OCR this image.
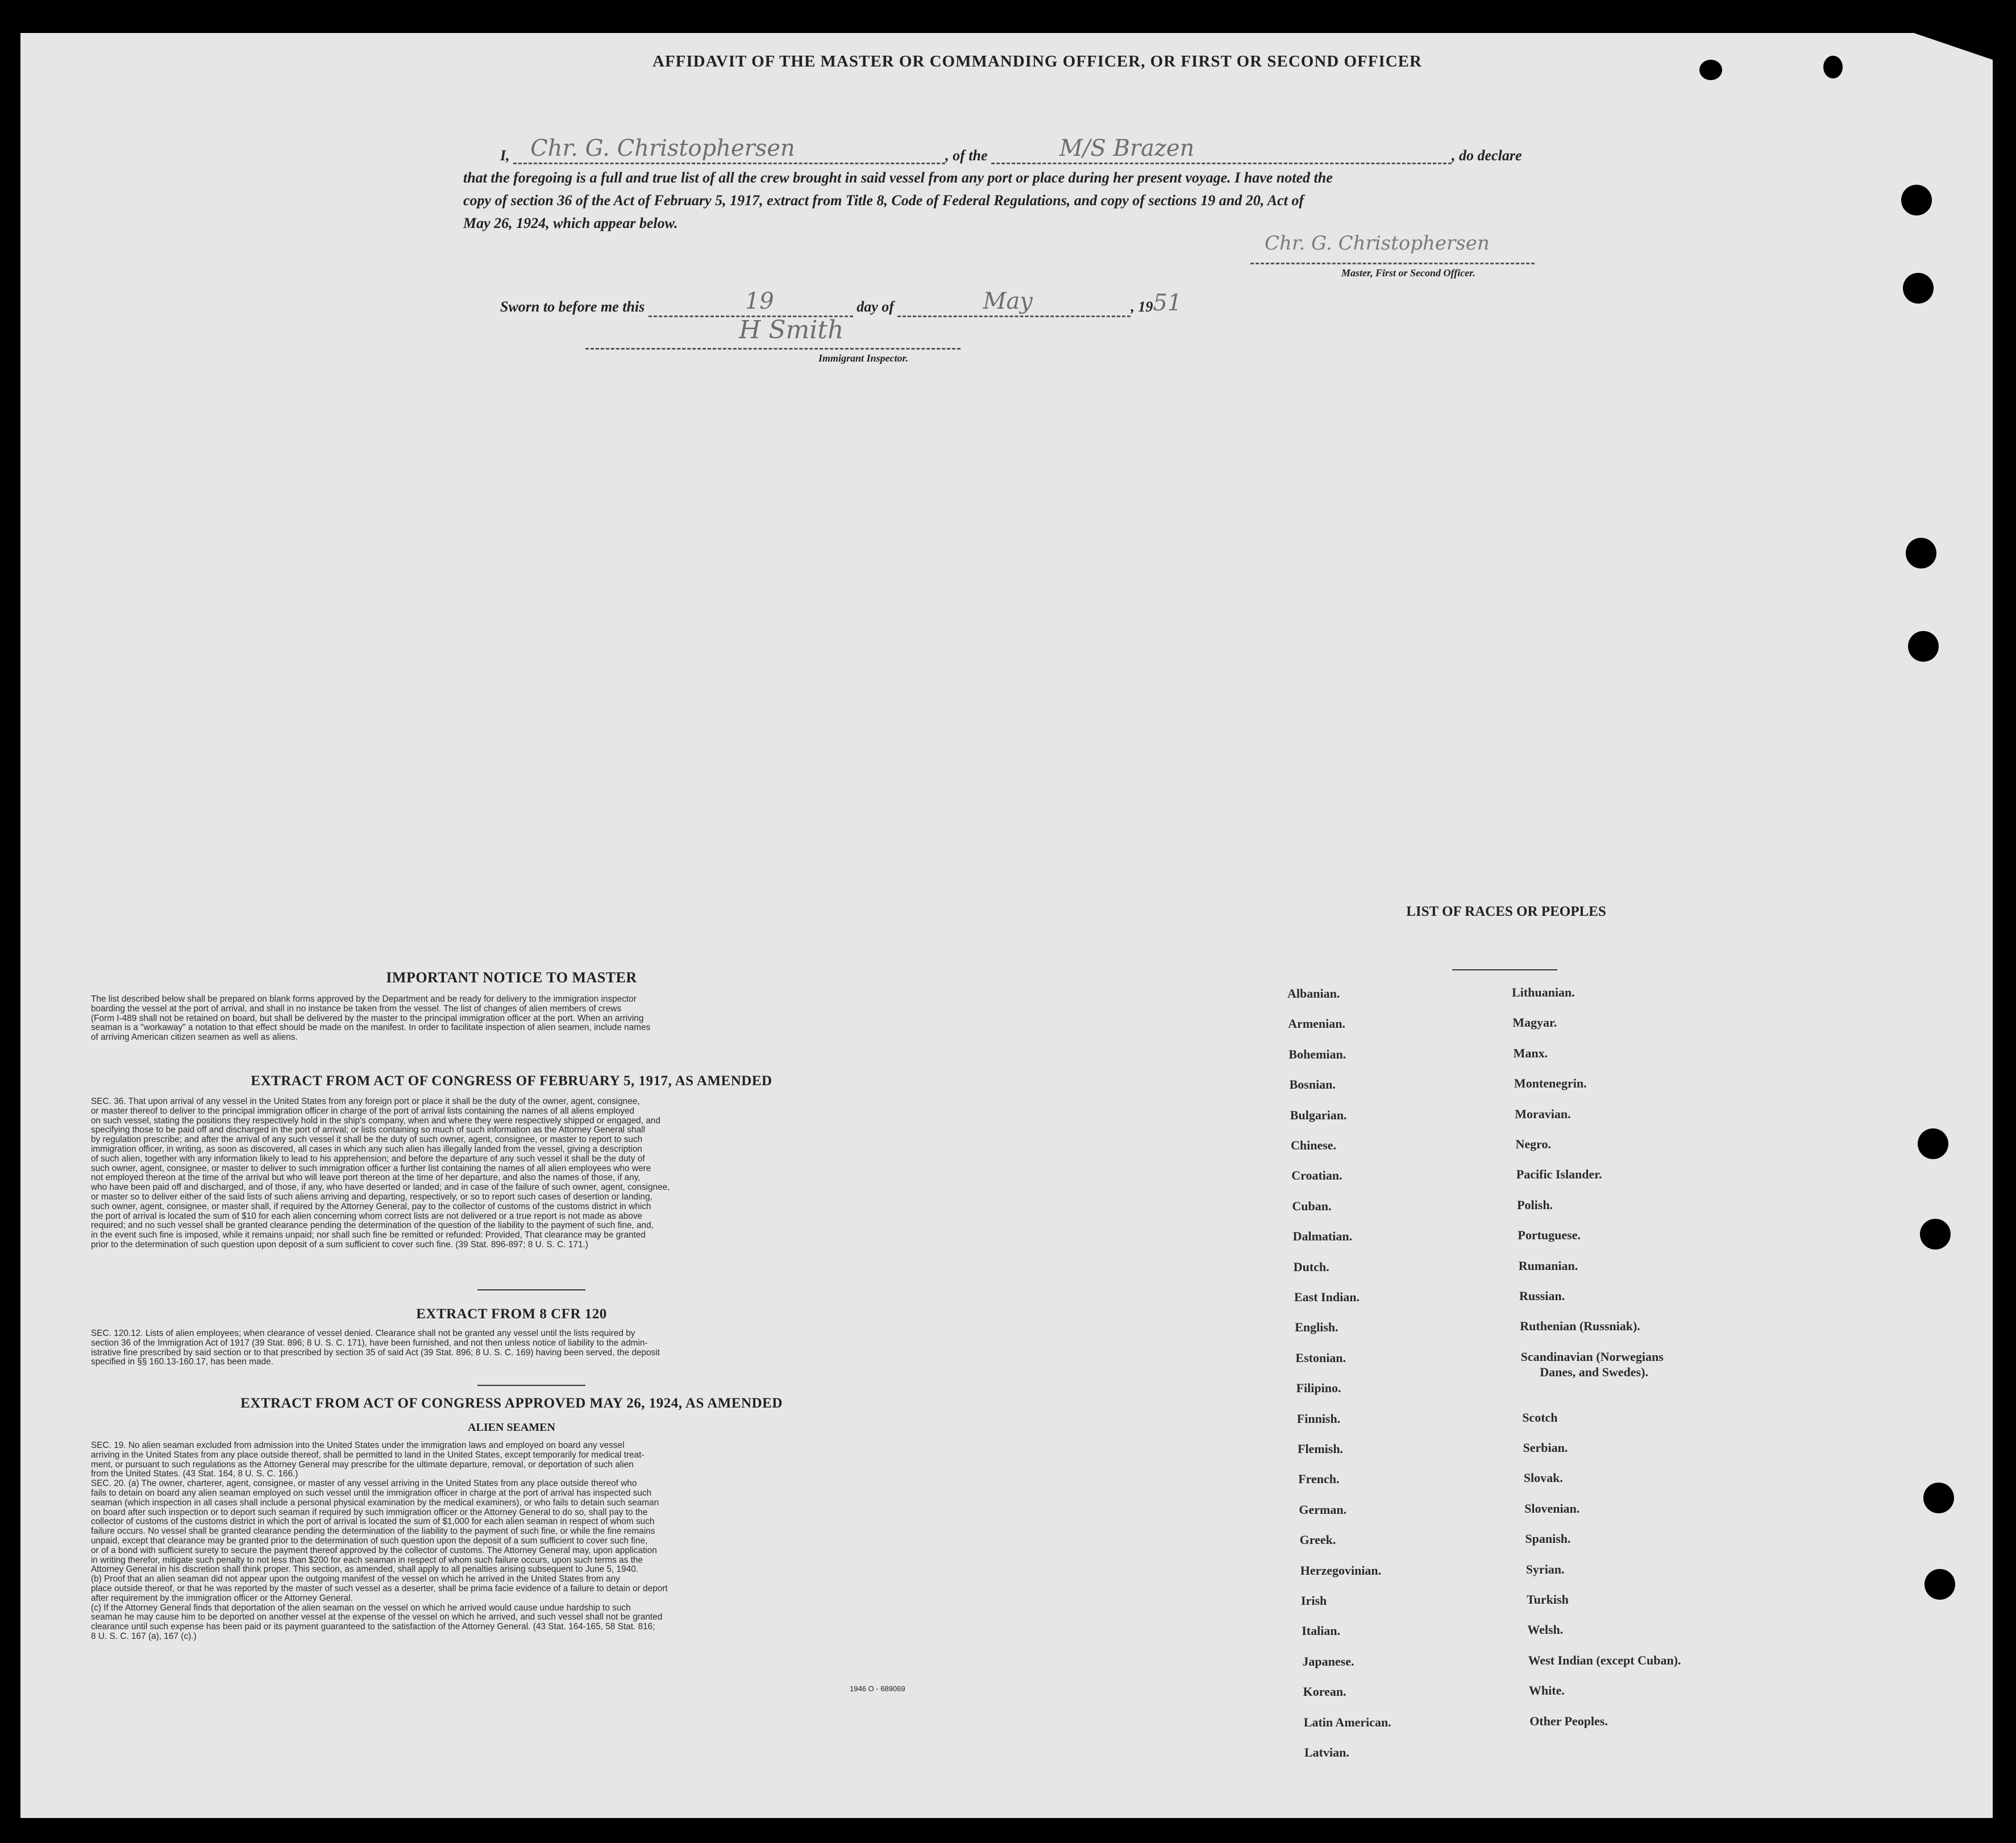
AFFIDAVIT OF THE MASTER OR COMMANDING OFFICER, OR FIRST OR SECOND OFFICER
I, Chr. G. Christophersen	, of the	M/S Brazen	, do declare
that the foregoing is a full and true list of all the crew brought in said vessel from any port or place during her present voyage. I have noted the
copy of section 36 of the Act of February 5, 1917, extract from Title 8, Code of Federal Regulations, and copy of sections 19 and 20, Act of
May 26, 1924, which appear below.
Chr. G. Christophersen
Master, First or Second Officer.
Sworn to before me this	19	day of	May	, 1951
H Smith
Immigrant Inspector.
IMPORTANT NOTICE TO MASTER
The list described below shall be prepared on blank forms approved by the Department and be ready for delivery to the immigration inspector
boarding the vessel at the port of arrival, and shall in no instance be taken from the vessel. The list of changes of alien members of crews
(Form I-489 shall not be retained on board, but shall be delivered by the master to the principal immigration officer at the port. When an arriving
seaman is a "workaway" a notation to that effect should be made on the manifest. In order to facilitate inspection of alien seamen, include names
of arriving American citizen seamen as well as aliens.
EXTRACT FROM ACT OF CONGRESS OF FEBRUARY 5, 1917, AS AMENDED
SEC. 36. That upon arrival of any vessel in the United States from any foreign port or place it shall be the duty of the owner, agent, consignee,
or master thereof to deliver to the principal immigration officer in charge of the port of arrival lists containing the names of all aliens employed
on such vessel, stating the positions they respectively hold in the ship's company, when and where they were respectively shipped or engaged, and
specifying those to be paid off and discharged in the port of arrival; or lists containing so much of such information as the Attorney General shall
by regulation prescribe; and after the arrival of any such vessel it shall be the duty of such owner, agent, consignee, or master to report to such
immigration officer, in writing, as soon as discovered, all cases in which any such alien has illegally landed from the vessel, giving a description
of such alien, together with any information likely to lead to his apprehension; and before the departure of any such vessel it shall be the duty of
such owner, agent, consignee, or master to deliver to such immigration officer a further list containing the names of all alien employees who were
not employed thereon at the time of the arrival but who will leave port thereon at the time of her departure, and also the names of those, if any,
who have been paid off and discharged, and of those, if any, who have deserted or landed; and in case of the failure of such owner, agent, consignee,
or master so to deliver either of the said lists of such aliens arriving and departing, respectively, or so to report such cases of desertion or landing,
such owner, agent, consignee, or master shall, if required by the Attorney General, pay to the collector of customs of the customs district in which
the port of arrival is located the sum of $10 for each alien concerning whom correct lists are not delivered or a true report is not made as above
required; and no such vessel shall be granted clearance pending the determination of the question of the liability to the payment of such fine, and,
in the event such fine is imposed, while it remains unpaid; nor shall such fine be remitted or refunded: Provided, That clearance may be granted
prior to the determination of such question upon deposit of a sum sufficient to cover such fine. (39 Stat. 896-897; 8 U. S. C. 171.)
EXTRACT FROM 8 CFR 120
SEC. 120.12. Lists of alien employees; when clearance of vessel denied. Clearance shall not be granted any vessel until the lists required by
section 36 of the Immigration Act of 1917 (39 Stat. 896; 8 U. S. C. 171), have been furnished, and not then unless notice of liability to the admin-
istrative fine prescribed by said section or to that prescribed by section 35 of said Act (39 Stat. 896; 8 U. S. C. 169) having been served, the deposit
specified in §§ 160.13-160.17, has been made.
EXTRACT FROM ACT OF CONGRESS APPROVED MAY 26, 1924, AS AMENDED
ALIEN SEAMEN
SEC. 19. No alien seaman excluded from admission into the United States under the immigration laws and employed on board any vessel
arriving in the United States from any place outside thereof, shall be permitted to land in the United States, except temporarily for medical treat-
ment, or pursuant to such regulations as the Attorney General may prescribe for the ultimate departure, removal, or deportation of such alien
from the United States. (43 Stat. 164, 8 U. S. C. 166.)
SEC. 20. (a) The owner, charterer, agent, consignee, or master of any vessel arriving in the United States from any place outside thereof who
fails to detain on board any alien seaman employed on such vessel until the immigration officer in charge at the port of arrival has inspected such
seaman (which inspection in all cases shall include a personal physical examination by the medical examiners), or who fails to detain such seaman
on board after such inspection or to deport such seaman if required by such immigration officer or the Attorney General to do so, shall pay to the
collector of customs of the customs district in which the port of arrival is located the sum of $1,000 for each alien seaman in respect of whom such
failure occurs. No vessel shall be granted clearance pending the determination of the liability to the payment of such fine, or while the fine remains
unpaid, except that clearance may be granted prior to the determination of such question upon the deposit of a sum sufficient to cover such fine,
or of a bond with sufficient surety to secure the payment thereof approved by the collector of customs. The Attorney General may, upon application
in writing therefor, mitigate such penalty to not less than $200 for each seaman in respect of whom such failure occurs, upon such terms as the
Attorney General in his discretion shall think proper. This section, as amended, shall apply to all penalties arising subsequent to June 5, 1940.
(b) Proof that an alien seaman did not appear upon the outgoing manifest of the vessel on which he arrived in the United States from any
place outside thereof, or that he was reported by the master of such vessel as a deserter, shall be prima facie evidence of a failure to detain or deport
after requirement by the immigration officer or the Attorney General.
(c) If the Attorney General finds that deportation of the alien seaman on the vessel on which he arrived would cause undue hardship to such
seaman he may cause him to be deported on another vessel at the expense of the vessel on which he arrived, and such vessel shall not be granted
clearance until such expense has been paid or its payment guaranteed to the satisfaction of the Attorney General. (43 Stat. 164-165, 58 Stat. 816;
8 U. S. C. 167 (a), 167 (c).)
1946 O - 689069
LIST OF RACES OR PEOPLES
Albanian.
Armenian.
Bohemian.
Bosnian.
Bulgarian.
Chinese.
Croatian.
Cuban.
Dalmatian.
Dutch.
East Indian.
English.
Estonian.
Filipino.
Finnish.
Flemish.
French.
German.
Greek.
Herzegovinian.
Irish
Italian.
Japanese.
Korean.
Latin American.
Latvian.
Lithuanian.
Magyar.
Manx.
Montenegrin.
Moravian.
Negro.
Pacific Islander.
Polish.
Portuguese.
Rumanian.
Russian.
Ruthenian (Russniak).
Scandinavian (Norwegians
Danes, and Swedes).
Scotch
Serbian.
Slovak.
Slovenian.
Spanish.
Syrian.
Turkish
Welsh.
West Indian (except Cuban).
White.
Other Peoples.
